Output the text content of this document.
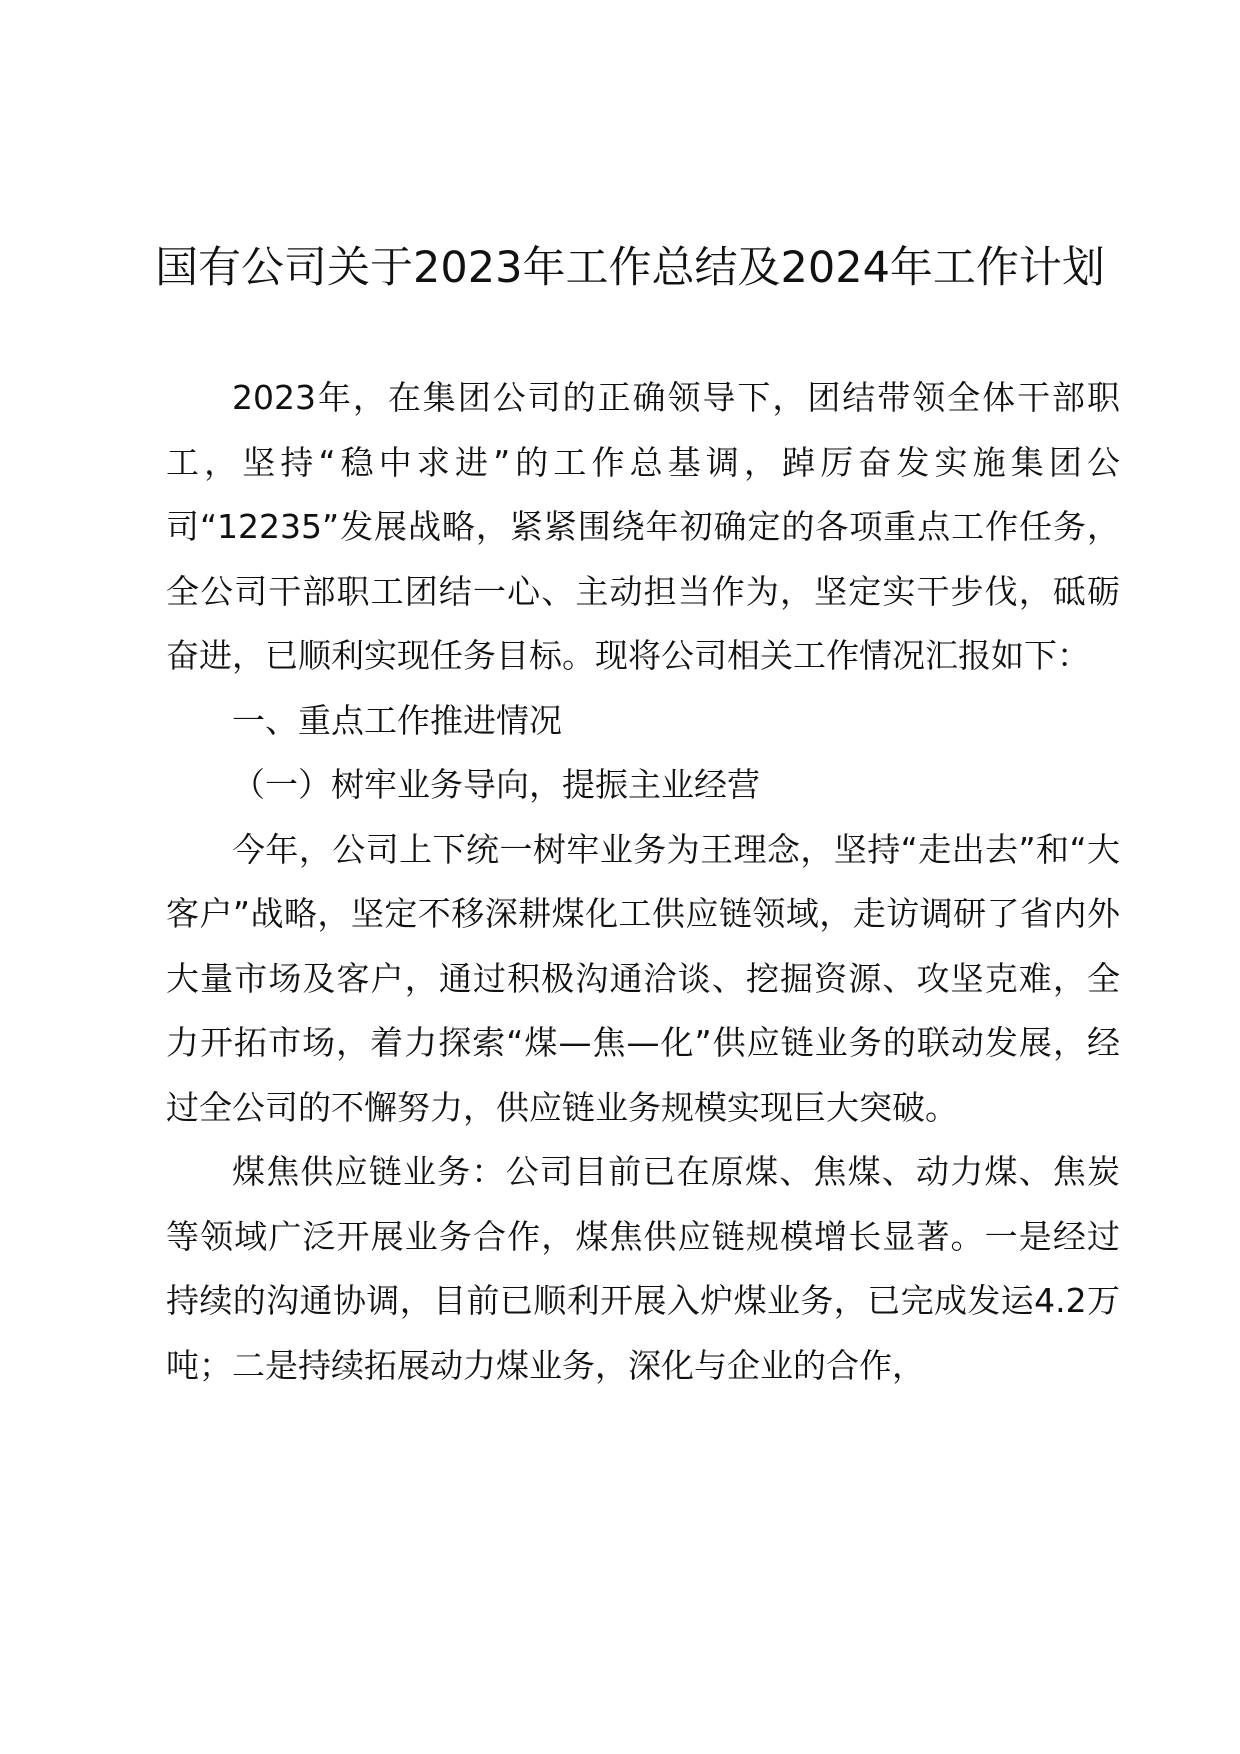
国有公司关于2023年工作总结及2024年工作计划

2023年，在集团公司的正确领导下，团结带领全体干部职工，坚持“稳中求进”的工作总基调，踔厉奋发实施集团公司“12235”发展战略，紧紧围绕年初确定的各项重点工作任务，全公司干部职工团结一心、主动担当作为，坚定实干步伐，砥砺奋进，已顺利实现任务目标。现将公司相关工作情况汇报如下：

一、重点工作推进情况

（一）树牢业务导向，提振主业经营

今年，公司上下统一树牢业务为王理念，坚持“走出去”和“大客户”战略，坚定不移深耕煤化工供应链领域，走访调研了省内外大量市场及客户，通过积极沟通洽谈、挖掘资源、攻坚克难，全力开拓市场，着力探索“煤—焦—化”供应链业务的联动发展，经过全公司的不懈努力，供应链业务规模实现巨大突破。

煤焦供应链业务：公司目前已在原煤、焦煤、动力煤、焦炭等领域广泛开展业务合作，煤焦供应链规模增长显著。一是经过持续的沟通协调，目前已顺利开展入炉煤业务，已完成发运4.2万吨；二是持续拓展动力煤业务，深化与企业的合作，
